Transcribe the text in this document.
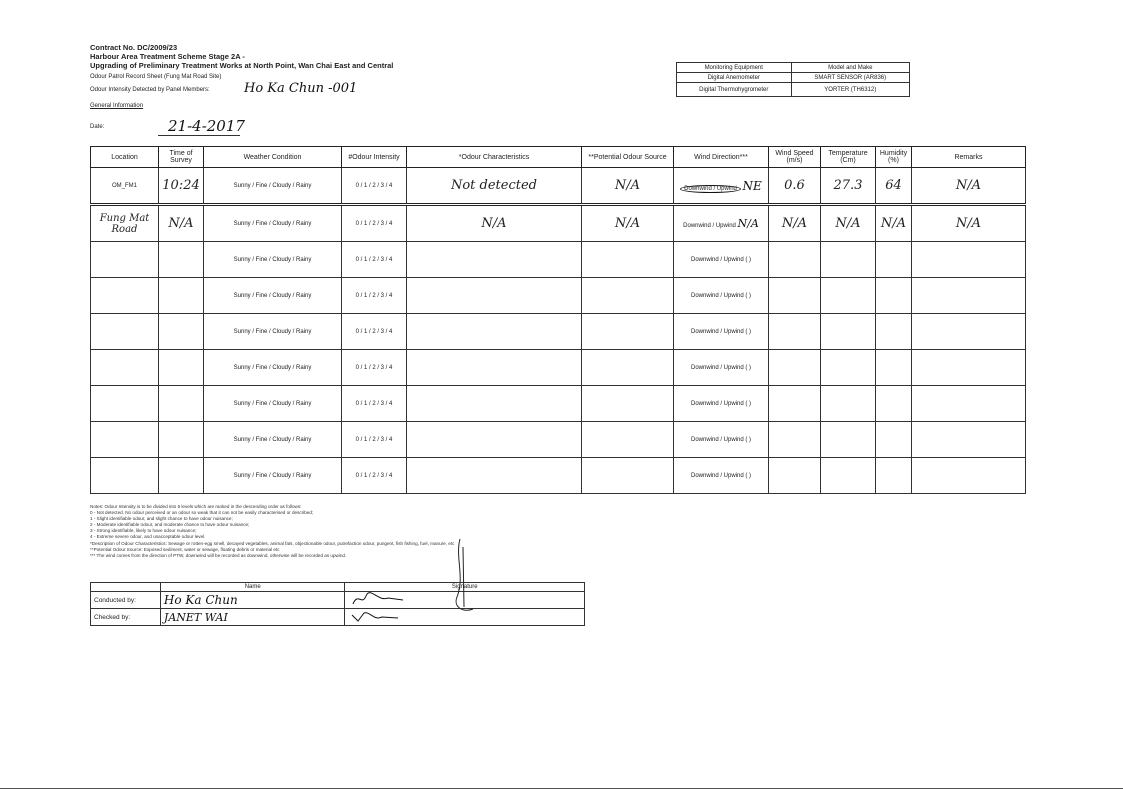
Contract No. DC/2009/23
Harbour Area Treatment Scheme Stage 2A -
Upgrading of Preliminary Treatment Works at North Point, Wan Chai East and Central
Odour Patrol Record Sheet (Fung Mat Road Site)
Odour Intensity Detected by Panel Members:	Ho Ka Chun -001
General Information
Date:	21-4-2017
Monitoring Equipment	Model and Make
Digital Anemometer	SMART SENSOR (AR836)
Digital Thermohygrometer	YORTER (TH6312)
Location	Time of Survey	Weather Condition	#Odour Intensity	*Odour Characteristics	**Potential Odour Source	Wind Direction***	Wind Speed (m/s)	Temperature (Cm)	Humidity (%)	Remarks
OM_FM1	10:24	Sunny / Fine / Cloudy / Rainy	0 / 1 / 2 / 3 / 4	Not detected	N/A	Downwind / Upwind NE	0.6	27.3	64	N/A
Fung Mat Road	N/A	Sunny / Fine / Cloudy / Rainy	0 / 1 / 2 / 3 / 4	N/A	N/A	Downwind / Upwind N/A	N/A	N/A	N/A	N/A
		Sunny / Fine / Cloudy / Rainy	0 / 1 / 2 / 3 / 4			Downwind / Upwind ( )				
		Sunny / Fine / Cloudy / Rainy	0 / 1 / 2 / 3 / 4			Downwind / Upwind ( )				
		Sunny / Fine / Cloudy / Rainy	0 / 1 / 2 / 3 / 4			Downwind / Upwind ( )				
		Sunny / Fine / Cloudy / Rainy	0 / 1 / 2 / 3 / 4			Downwind / Upwind ( )				
		Sunny / Fine / Cloudy / Rainy	0 / 1 / 2 / 3 / 4			Downwind / Upwind ( )				
		Sunny / Fine / Cloudy / Rainy	0 / 1 / 2 / 3 / 4			Downwind / Upwind ( )				
		Sunny / Fine / Cloudy / Rainy	0 / 1 / 2 / 3 / 4			Downwind / Upwind ( )				
Notes: Odour Intensity is to be divided into 5 levels which are ranked in the descending order as follows:
0 - Not detected. No odour perceived or an odour so weak that it can not be easily characterised or described;
1 - Slight identifiable odour, and slight chance to have odour nuisance;
2 - Moderate identifiable odour, and moderate chance to have odour nuisance;
3 - Strong identifiable, likely to have odour nuisance;
4 - Extreme severe odour, and unacceptable odour level.
*Description of Odour Characteristics: Sewage or rotten-egg smell, decayed vegetables, animal fats, objectionable odour, putrefaction odour, pungent, fish fishing, fuel, manure, etc
**Potential Odour Source: Exposed sediment, water or sewage, floating debris or material etc
*** The wind comes from the direction of PTW, downwind will be recorded as downwind, otherwise will be recorded as upwind.
	Name	Signature
Conducted by:	Ho Ka Chun	
Checked by:	JANET WAI	
